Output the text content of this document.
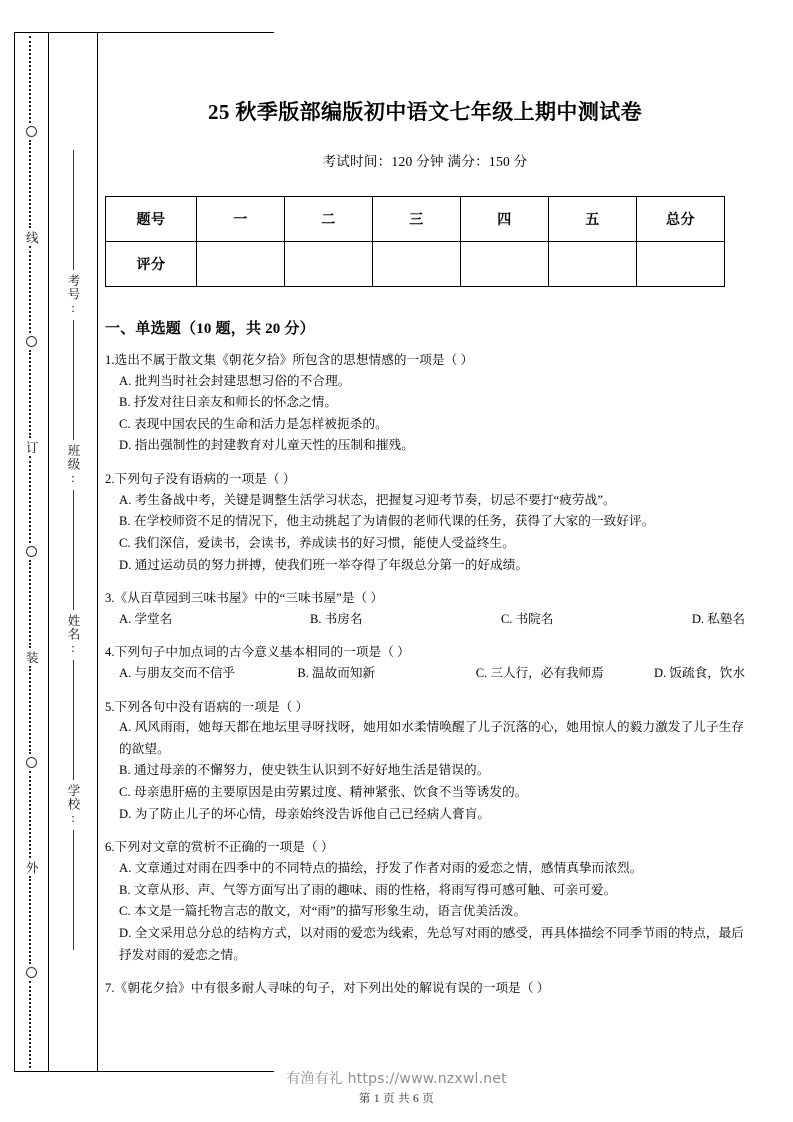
线
订
装
外
考号:
班级:
姓名:
学校:
25 秋季版部编版初中语文七年级上期中测试卷
考试时间：120 分钟 满分：150 分
题号	一	二	三	四	五	总分
评分						
一、单选题（10 题，共 20 分）
1.选出不属于散文集《朝花夕拾》所包含的思想情感的一项是（ ）
A. 批判当时社会封建思想习俗的不合理。
B. 抒发对往日亲友和师长的怀念之情。
C. 表现中国农民的生命和活力是怎样被扼杀的。
D. 指出强制性的封建教育对儿童天性的压制和摧残。
2.下列句子没有语病的一项是（ ）
A. 考生备战中考，关键是调整生活学习状态，把握复习迎考节奏，切忌不要打“疲劳战”。
B. 在学校师资不足的情况下，他主动挑起了为请假的老师代课的任务，获得了大家的一致好评。
C. 我们深信，爱读书，会读书，养成读书的好习惯，能使人受益终生。
D. 通过运动员的努力拼搏，使我们班一举夺得了年级总分第一的好成绩。
3.《从百草园到三味书屋》中的“三味书屋”是（ ）
A. 学堂名	B. 书房名	C. 书院名	D. 私塾名
4.下列句子中加点词的古今意义基本相同的一项是（ ）
A. 与朋友交而不信乎	B. 温故而知新	C. 三人行，必有我师焉	D. 饭疏食，饮水
5.下列各句中没有语病的一项是（ ）
A. 风风雨雨，她每天都在地坛里寻呀找呀，她用如水柔情唤醒了儿子沉落的心，她用惊人的毅力激发了儿子生存的欲望。
B. 通过母亲的不懈努力，使史铁生认识到不好好地生活是错误的。
C. 母亲患肝癌的主要原因是由劳累过度、精神紧张、饮食不当等诱发的。
D. 为了防止儿子的坏心情，母亲始终没告诉他自己已经病人膏肓。
6.下列对文章的赏析不正确的一项是（ ）
A. 文章通过对雨在四季中的不同特点的描绘，抒发了作者对雨的爱恋之情，感情真挚而浓烈。
B. 文章从形、声、气等方面写出了雨的趣味、雨的性格，将雨写得可感可触、可亲可爱。
C. 本文是一篇托物言志的散文，对“雨”的描写形象生动，语言优美活泼。
D. 全文采用总分总的结构方式，以对雨的爱恋为线索，先总写对雨的感受，再具体描绘不同季节雨的特点，最后抒发对雨的爱恋之情。
7.《朝花夕拾》中有很多耐人寻味的句子，对下列出处的解说有误的一项是（ ）
有渔有礼 https://www.nzxwl.net
第 1 页 共 6 页
